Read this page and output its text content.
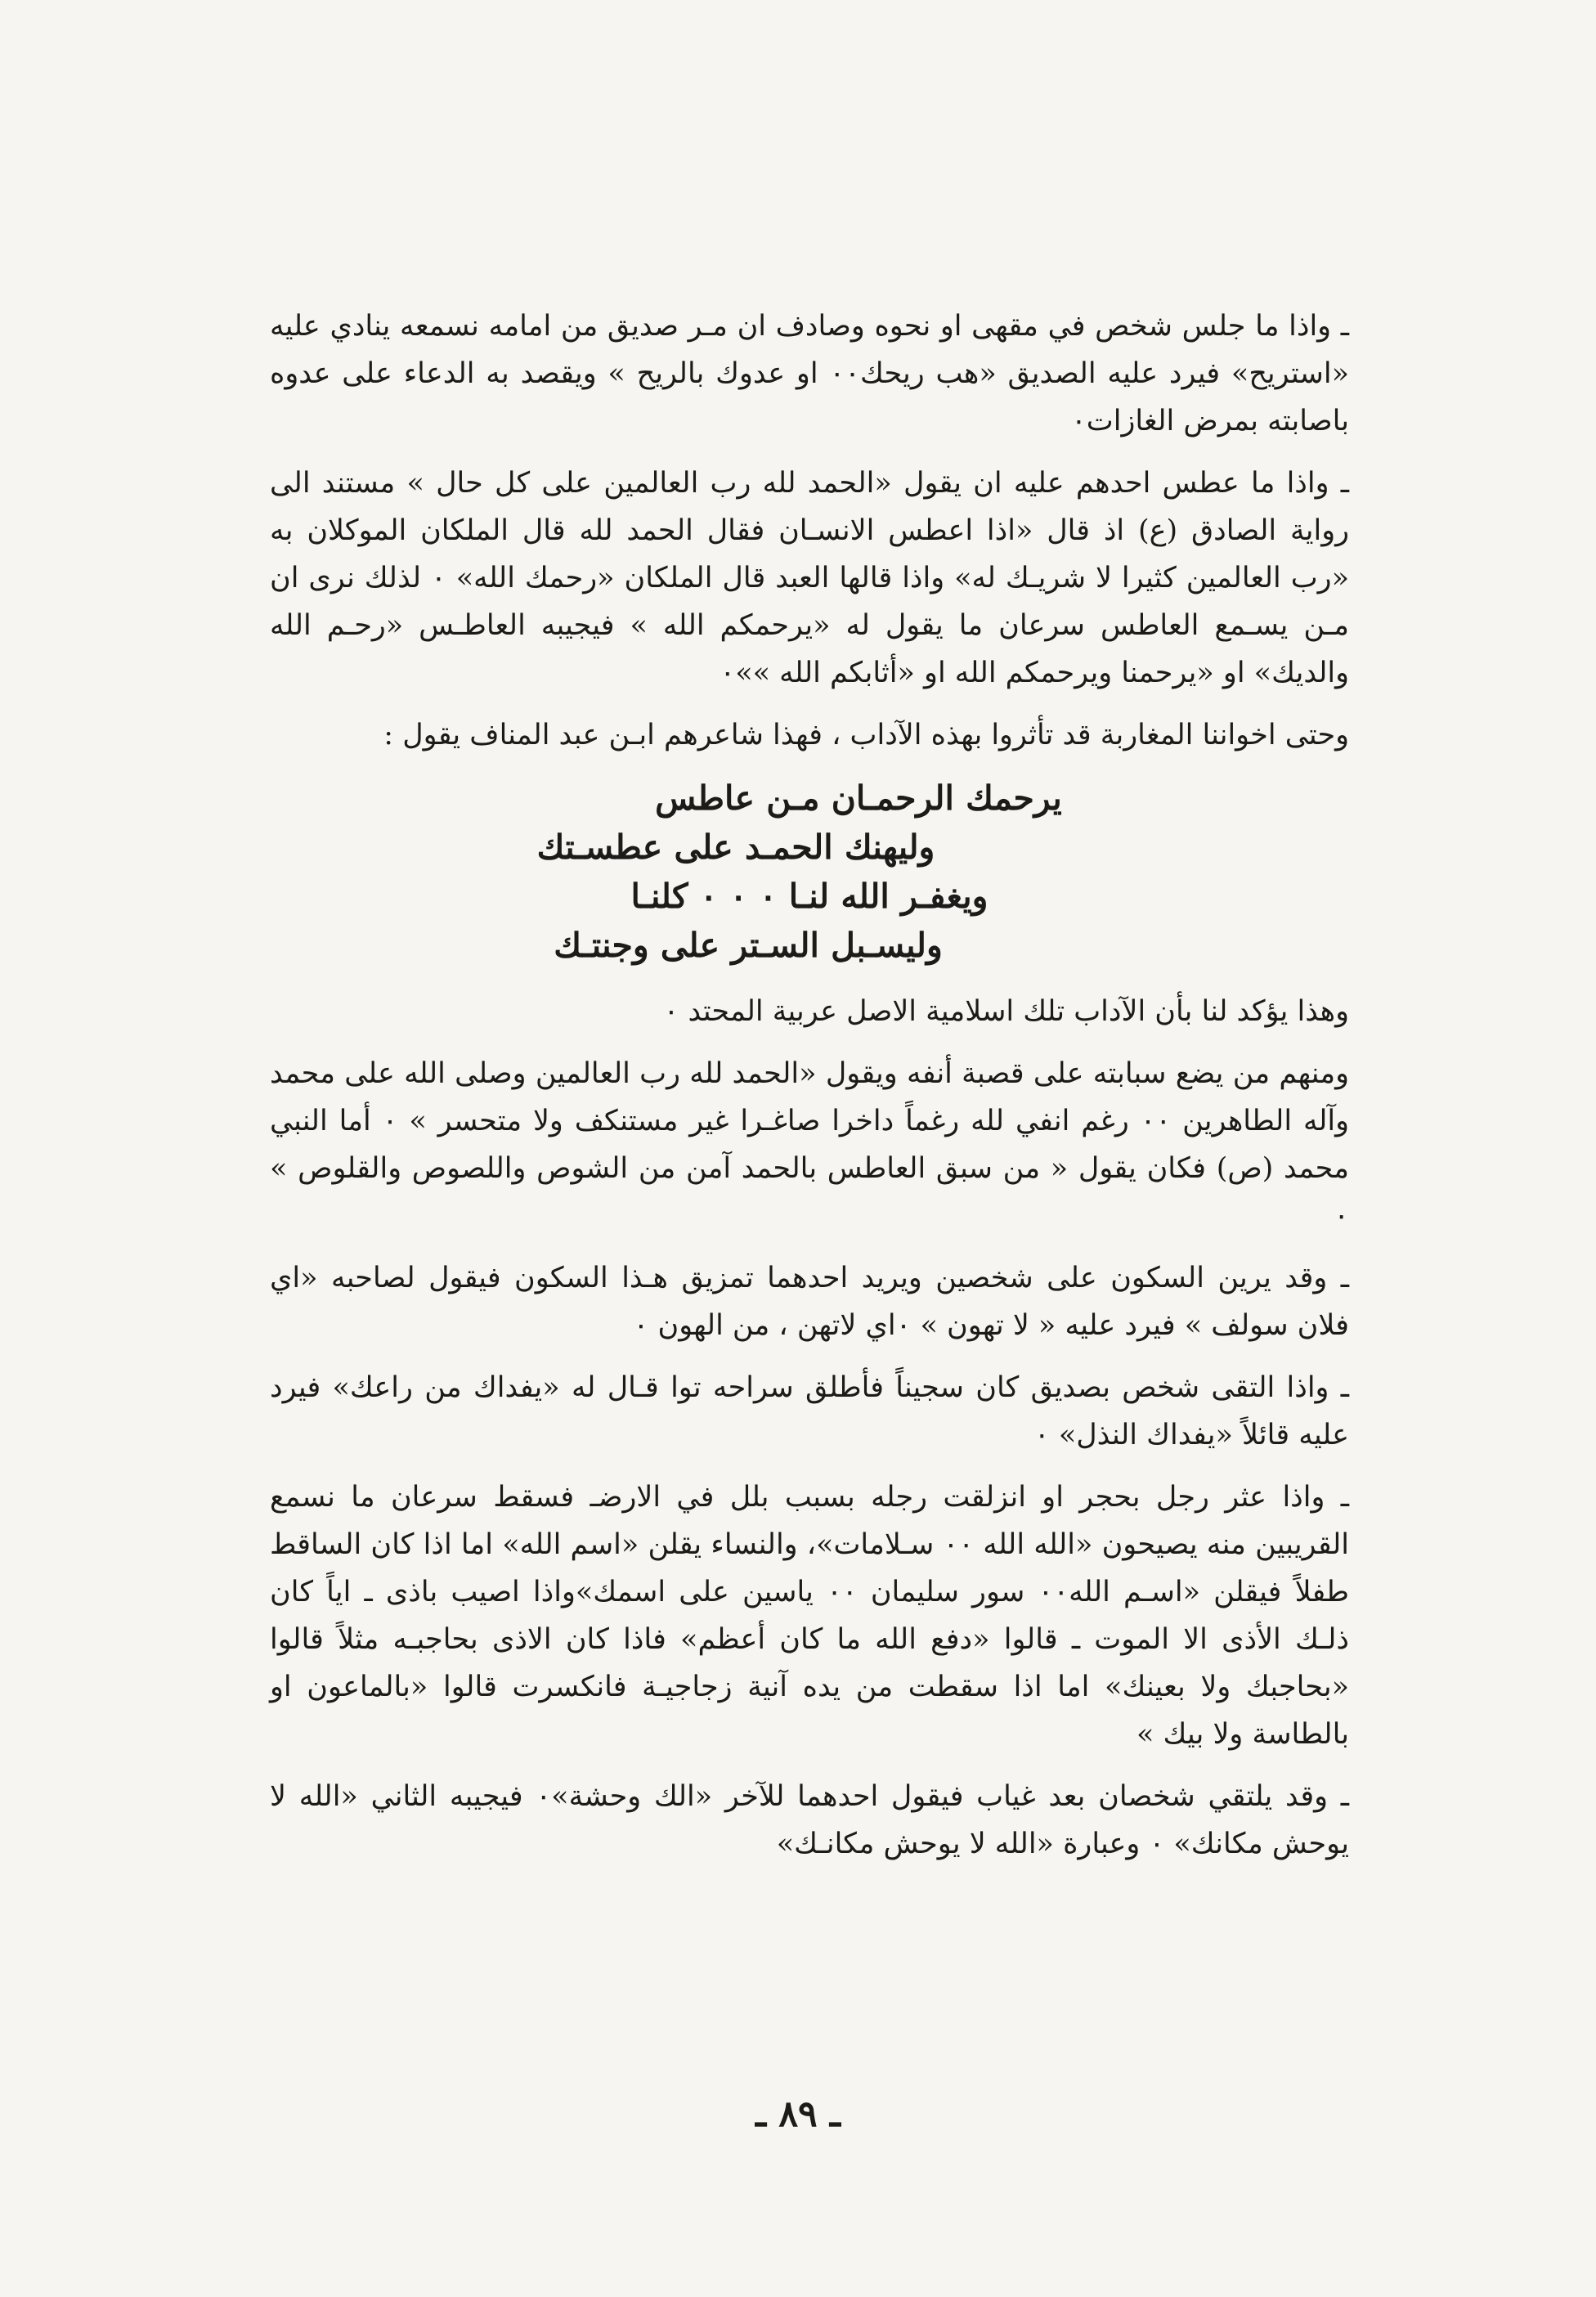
ـ واذا ما جلس شخص في مقهى او نحوه وصادف ان مـر صديق من امامه نسمعه ينادي عليه «استريح» فيرد عليه الصديق «هب ريحك٠٠ او عدوك بالريح » ويقصد به الدعاء على عدوه باصابته بمرض الغازات٠

ـ واذا ما عطس احدهم عليه ان يقول «الحمد لله رب العالمين على كل حال » مستند الى رواية الصادق (ع) اذ قال «اذا اعطس الانسـان فقال الحمد لله قال الملكان الموكلان به «رب العالمين كثيرا لا شريـك له» واذا قالها العبد قال الملكان «رحمك الله» ٠ لذلك نرى ان مـن يسـمع العاطس سرعان ما يقول له «يرحمكم الله » فيجيبه العاطـس «رحـم الله والديك» او «يرحمنا ويرحمكم الله او «أثابكم الله »»٠

وحتى اخواننا المغاربة قد تأثروا بهذه الآداب ، فهذا شاعرهم ابـن عبد المناف يقول :

يرحمك الرحمـان مـن عاطس
وليهنك الحمـد على عطسـتك
ويغفـر الله لنـا ٠ ٠ ٠ كلنـا
وليسـبل السـتر على وجنتـك

وهذا يؤكد لنا بأن الآداب تلك اسلامية الاصل عربية المحتد ٠

ومنهم من يضع سبابته على قصبة أنفه ويقول «الحمد لله رب العالمين وصلى الله على محمد وآله الطاهرين ٠٠ رغم انفي لله رغماً داخرا صاغـرا غير مستنكف ولا متحسر » ٠ أما النبي محمد (ص) فكان يقول « من سبق العاطس بالحمد آمن من الشوص واللصوص والقلوص » ٠

ـ وقد يرين السكون على شخصين ويريد احدهما تمزيق هـذا السكون فيقول لصاحبه «اي فلان سولف » فيرد عليه « لا تهون » ٠اي لاتهن ، من الهون ٠

ـ واذا التقى شخص بصديق كان سجيناً فأطلق سراحه توا قـال له «يفداك من راعك» فيرد عليه قائلاً «يفداك النذل» ٠

ـ واذا عثر رجل بحجر او انزلقت رجله بسبب بلل في الارضـ فسقط سرعان ما نسمع القريبين منه يصيحون «الله الله ٠٠ سـلامات»، والنساء يقلن «اسم الله» اما اذا كان الساقط طفلاً فيقلن «اسـم الله٠٠ سور سليمان ٠٠ ياسين على اسمك»واذا اصيب باذى ـ اياً كان ذلـك الأذى الا الموت ـ قالوا «دفع الله ما كان أعظم» فاذا كان الاذى بحاجبـه مثلاً قالوا «بحاجبك ولا بعينك» اما اذا سقطت من يده آنية زجاجيـة فانكسرت قالوا «بالماعون او بالطاسة ولا بيك »

ـ وقد يلتقي شخصان بعد غياب فيقول احدهما للآخر «الك وحشة»٠ فيجيبه الثاني «الله لا يوحش مكانك» ٠ وعبارة «الله لا يوحش مكانـك»

ـ ٨٩ ـ
